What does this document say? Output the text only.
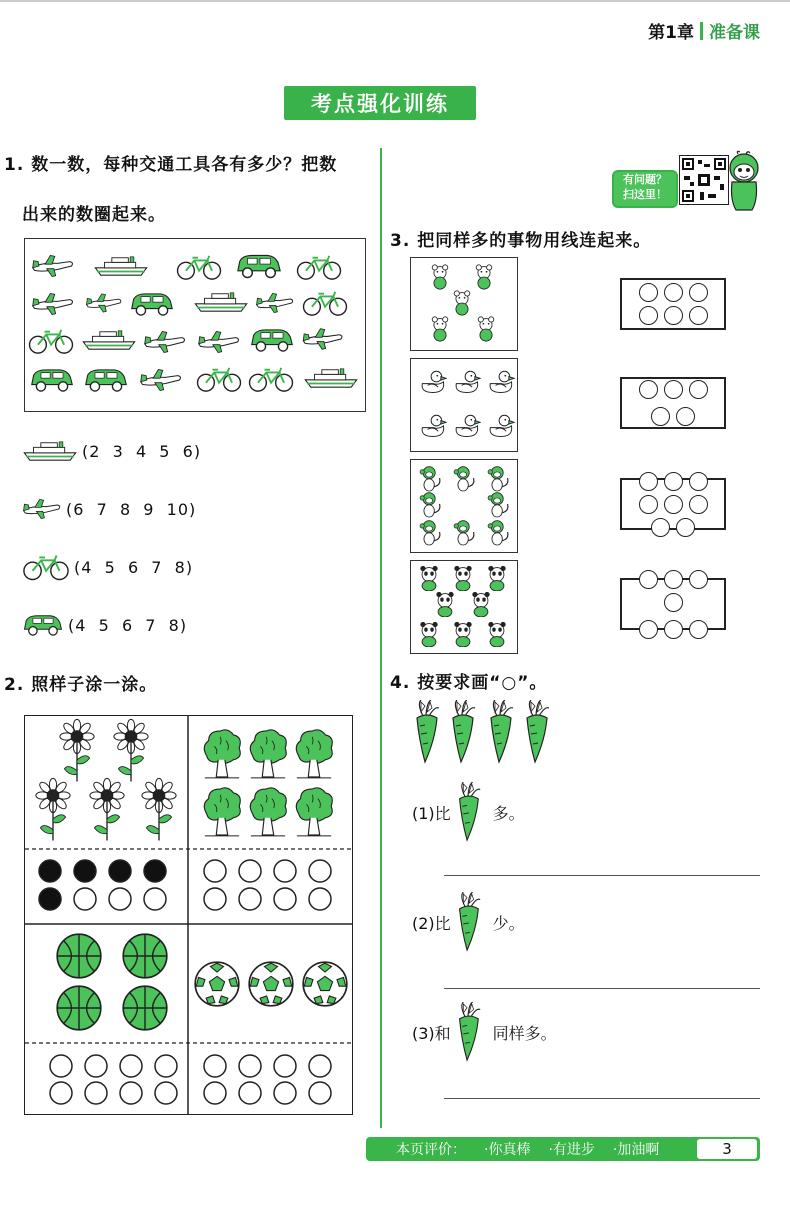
第1章 准备课
考点强化训练
1. 数一数，每种交通工具各有多少？把数
出来的数圈起来。
(2  3  4  5  6)
(6  7  8  9  10)
(4  5  6  7  8)
(4  5  6  7  8)
2. 照样子涂一涂。
有问题？
扫这里！
3. 把同样多的事物用线连起来。
4. 按要求画“○”。
(1)比	多。
(2)比	少。
(3)和	同样多。
本页评价： ·你真棒 ·有进步 ·加油啊	3
